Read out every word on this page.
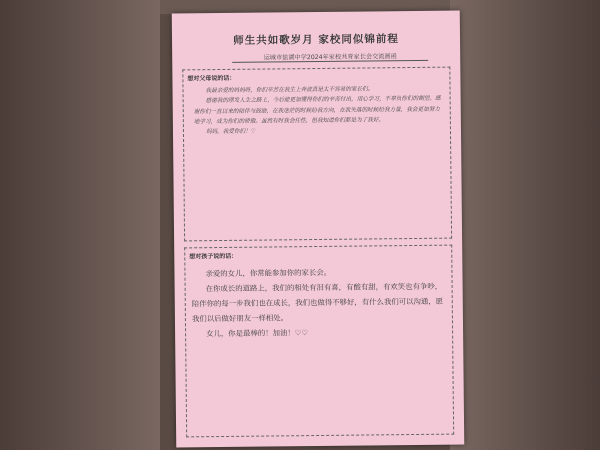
师生共如歌岁月 家校同似锦前程
运城市盐湖中学2024年家校共育家长会交流画函
想对父母说的话：

我最亲爱的妈妈呀，你们辛苦在我生上奔波真是太不容易的家长们。

感谢我的理发人生之路上，今后能更加懂得你们的辛苦付出，用心学习，不辜负你们的期望。感谢你们一直以来的陪伴与鼓励，在我迷茫的时候给我方向，在我失落的时候给我力量，我会更加努力地学习，成为你们的骄傲。虽然有时我会任性，但我知道你们都是为了我好。

妈妈，我爱你们！♡

想对孩子说的话：

亲爱的女儿，你常能参加你的家长会。

在你成长的道路上，我们的相处有泪有喜，有酸有甜，有欢笑也有争吵，陪伴你的每一步我们也在成长，我们也做得不够好，有什么我们可以沟通，愿我们以后做好朋友一样相处。

女儿，你是最棒的！加油！♡♡
